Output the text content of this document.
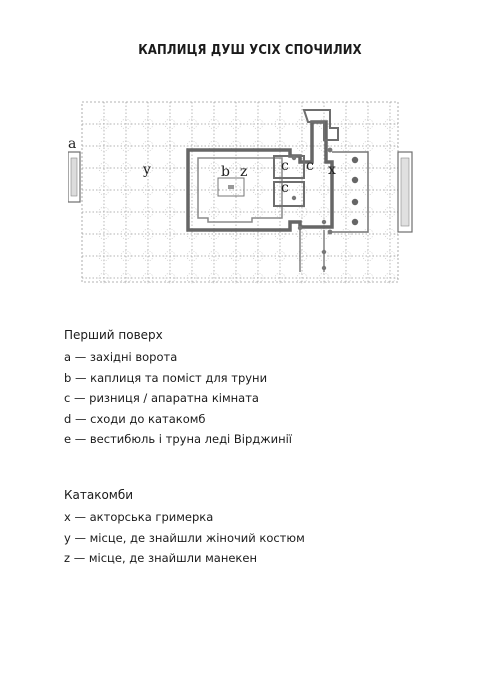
КАПЛИЦЯ ДУШ УСІХ СПОЧИЛИХ
a
y	b z c c x
c
Перший поверх
a — західні ворота
b — каплиця та поміст для труни
c — ризниця / апаратна кімната
d — сходи до катакомб
e — вестибюль і труна леді Вірджинії
Катакомби
x — акторська гримерка
y — місце, де знайшли жіночий костюм
z — місце, де знайшли манекен
